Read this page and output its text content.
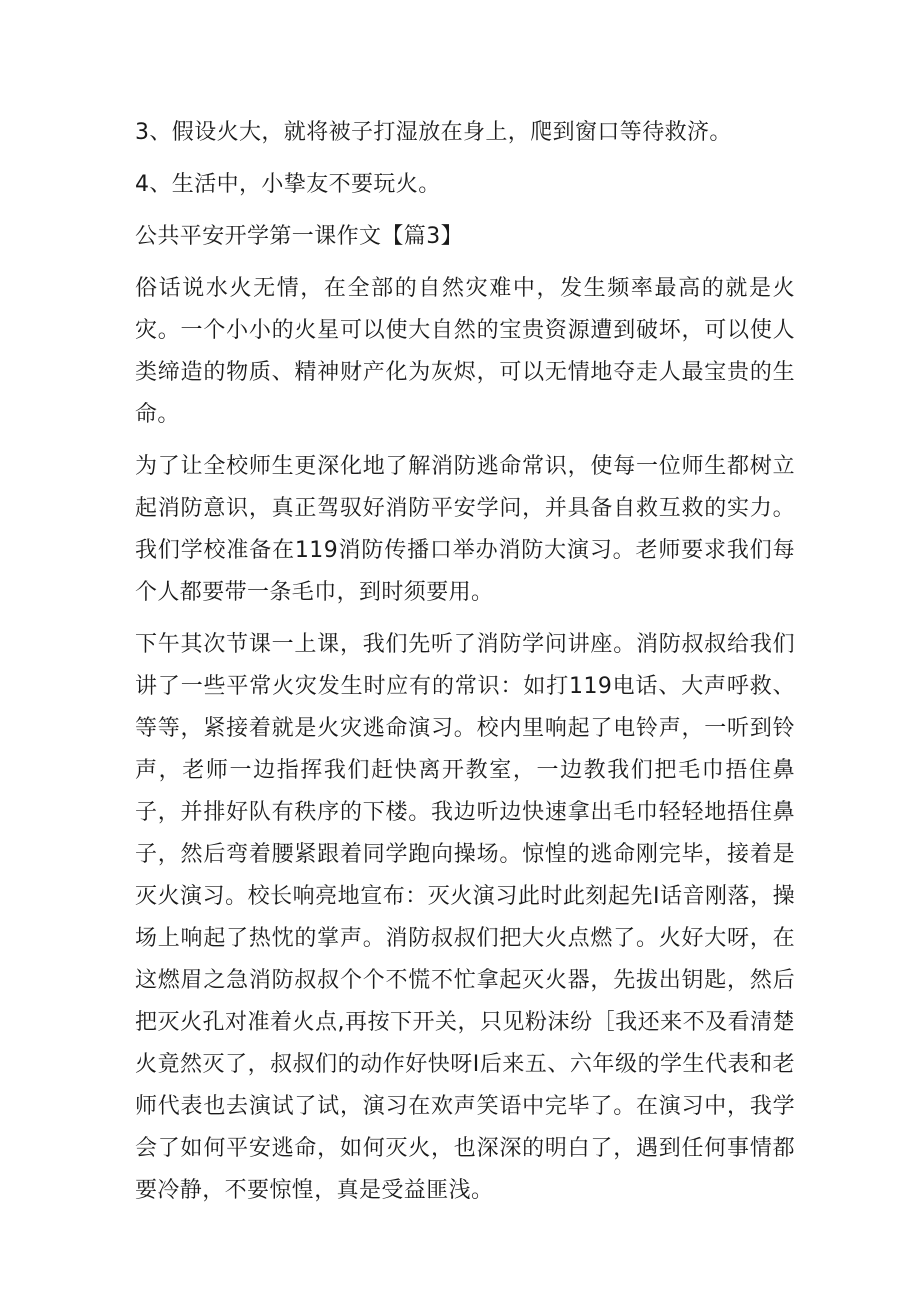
3、假设火大，就将被子打湿放在身上，爬到窗口等待救济。

4、生活中，小挚友不要玩火。

公共平安开学第一课作文【篇3】

俗话说水火无情，在全部的自然灾难中，发生频率最高的就是火灾。一个小小的火星可以使大自然的宝贵资源遭到破坏，可以使人类缔造的物质、精神财产化为灰烬，可以无情地夺走人最宝贵的生命。

为了让全校师生更深化地了解消防逃命常识，使每一位师生都树立起消防意识，真正驾驭好消防平安学问，并具备自救互救的实力。我们学校准备在119消防传播口举办消防大演习。老师要求我们每个人都要带一条毛巾，到时须要用。

下午其次节课一上课，我们先听了消防学问讲座。消防叔叔给我们讲了一些平常火灾发生时应有的常识：如打119电话、大声呼救、等等，紧接着就是火灾逃命演习。校内里响起了电铃声，一听到铃声，老师一边指挥我们赶快离开教室，一边教我们把毛巾捂住鼻子，并排好队有秩序的下楼。我边听边快速拿出毛巾轻轻地捂住鼻子，然后弯着腰紧跟着同学跑向操场。惊惶的逃命刚完毕，接着是灭火演习。校长响亮地宣布：灭火演习此时此刻起先I话音刚落，操场上响起了热忱的掌声。消防叔叔们把大火点燃了。火好大呀，在这燃眉之急消防叔叔个个不慌不忙拿起灭火器，先拔出钥匙，然后把灭火孔对准着火点,再按下开关，只见粉沫纷［我还来不及看清楚火竟然灭了，叔叔们的动作好快呀I后来五、六年级的学生代表和老师代表也去演试了试，演习在欢声笑语中完毕了。在演习中，我学会了如何平安逃命，如何灭火，也深深的明白了，遇到任何事情都要冷静，不要惊惶，真是受益匪浅。
